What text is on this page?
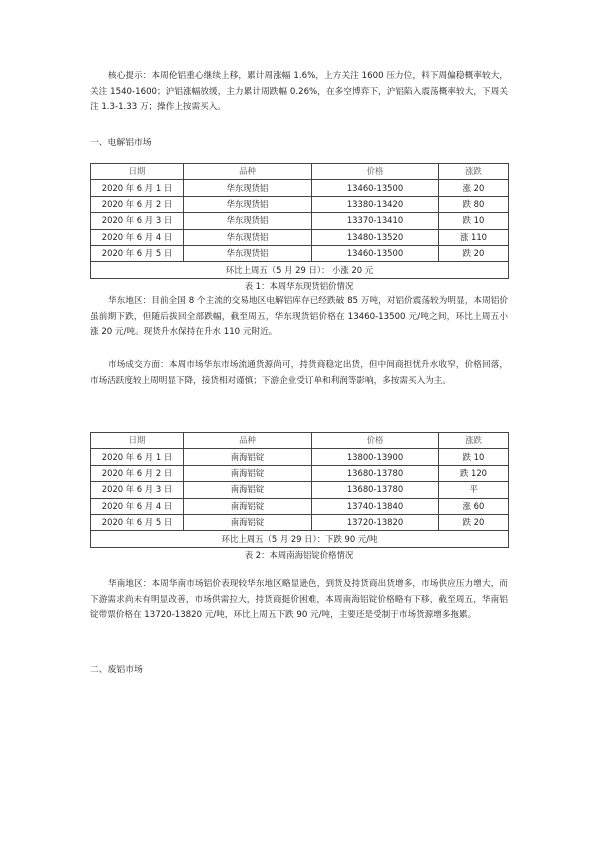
核心提示：本周伦铝重心继续上移，累计周涨幅 1.6%，上方关注 1600 压力位，料下周偏稳概率较大，关注 1540-1600；沪铝涨幅放缓，主力累计周跌幅 0.26%，在多空博弈下，沪铝陷入震荡概率较大，下周关注 1.3-1.33 万；操作上按需买入。

一、电解铝市场

日期	品种	价格	涨跌
2020 年 6 月 1 日	华东现货铝	13460-13500	涨 20
2020 年 6 月 2 日	华东现货铝	13380-13420	跌 80
2020 年 6 月 3 日	华东现货铝	13370-13410	跌 10
2020 年 6 月 4 日	华东现货铝	13480-13520	涨 110
2020 年 6 月 5 日	华东现货铝	13460-13500	跌 20
环比上周五（5 月 29 日）： 小涨 20 元			

表 1：本周华东现货铝价情况

华东地区：目前全国 8 个主流的交易地区电解铝库存已经跌破 85 万吨，对铝价震荡较为明显，本周铝价虽前期下跌，但随后拔回全部跌幅，截至周五，华东现货铝价格在 13460-13500 元/吨之间，环比上周五小涨 20 元/吨。现货升水保持在升水 110 元附近。

市场成交方面：本周市场华东市场流通货源尚可，持货商稳定出货，但中间商担忧升水收窄，价格回落，市场活跃度较上周明显下降，接货相对谨慎；下游企业受订单和利润等影响，多按需买入为主。

日期	品种	价格	涨跌
2020 年 6 月 1 日	南海铝锭	13800-13900	跌 10
2020 年 6 月 2 日	南海铝锭	13680-13780	跌 120
2020 年 6 月 3 日	南海铝锭	13680-13780	平
2020 年 6 月 4 日	南海铝锭	13740-13840	涨 60
2020 年 6 月 5 日	南海铝锭	13720-13820	跌 20
环比上周五（5 月 29 日）：下跌 90 元/吨			

表 2：本周南海铝锭价格情况

华南地区：本周华南市场铝价表现较华东地区略显逊色，到货及持货商出货增多，市场供应压力增大，而下游需求尚未有明显改善，市场供需拉大，持货商挺价困难，本周南海铝锭价格略有下移，截至周五，华南铝锭带票价格在 13720-13820 元/吨，环比上周五下跌 90 元/吨，主要还是受制于市场货源增多拖累。

二、废铝市场
